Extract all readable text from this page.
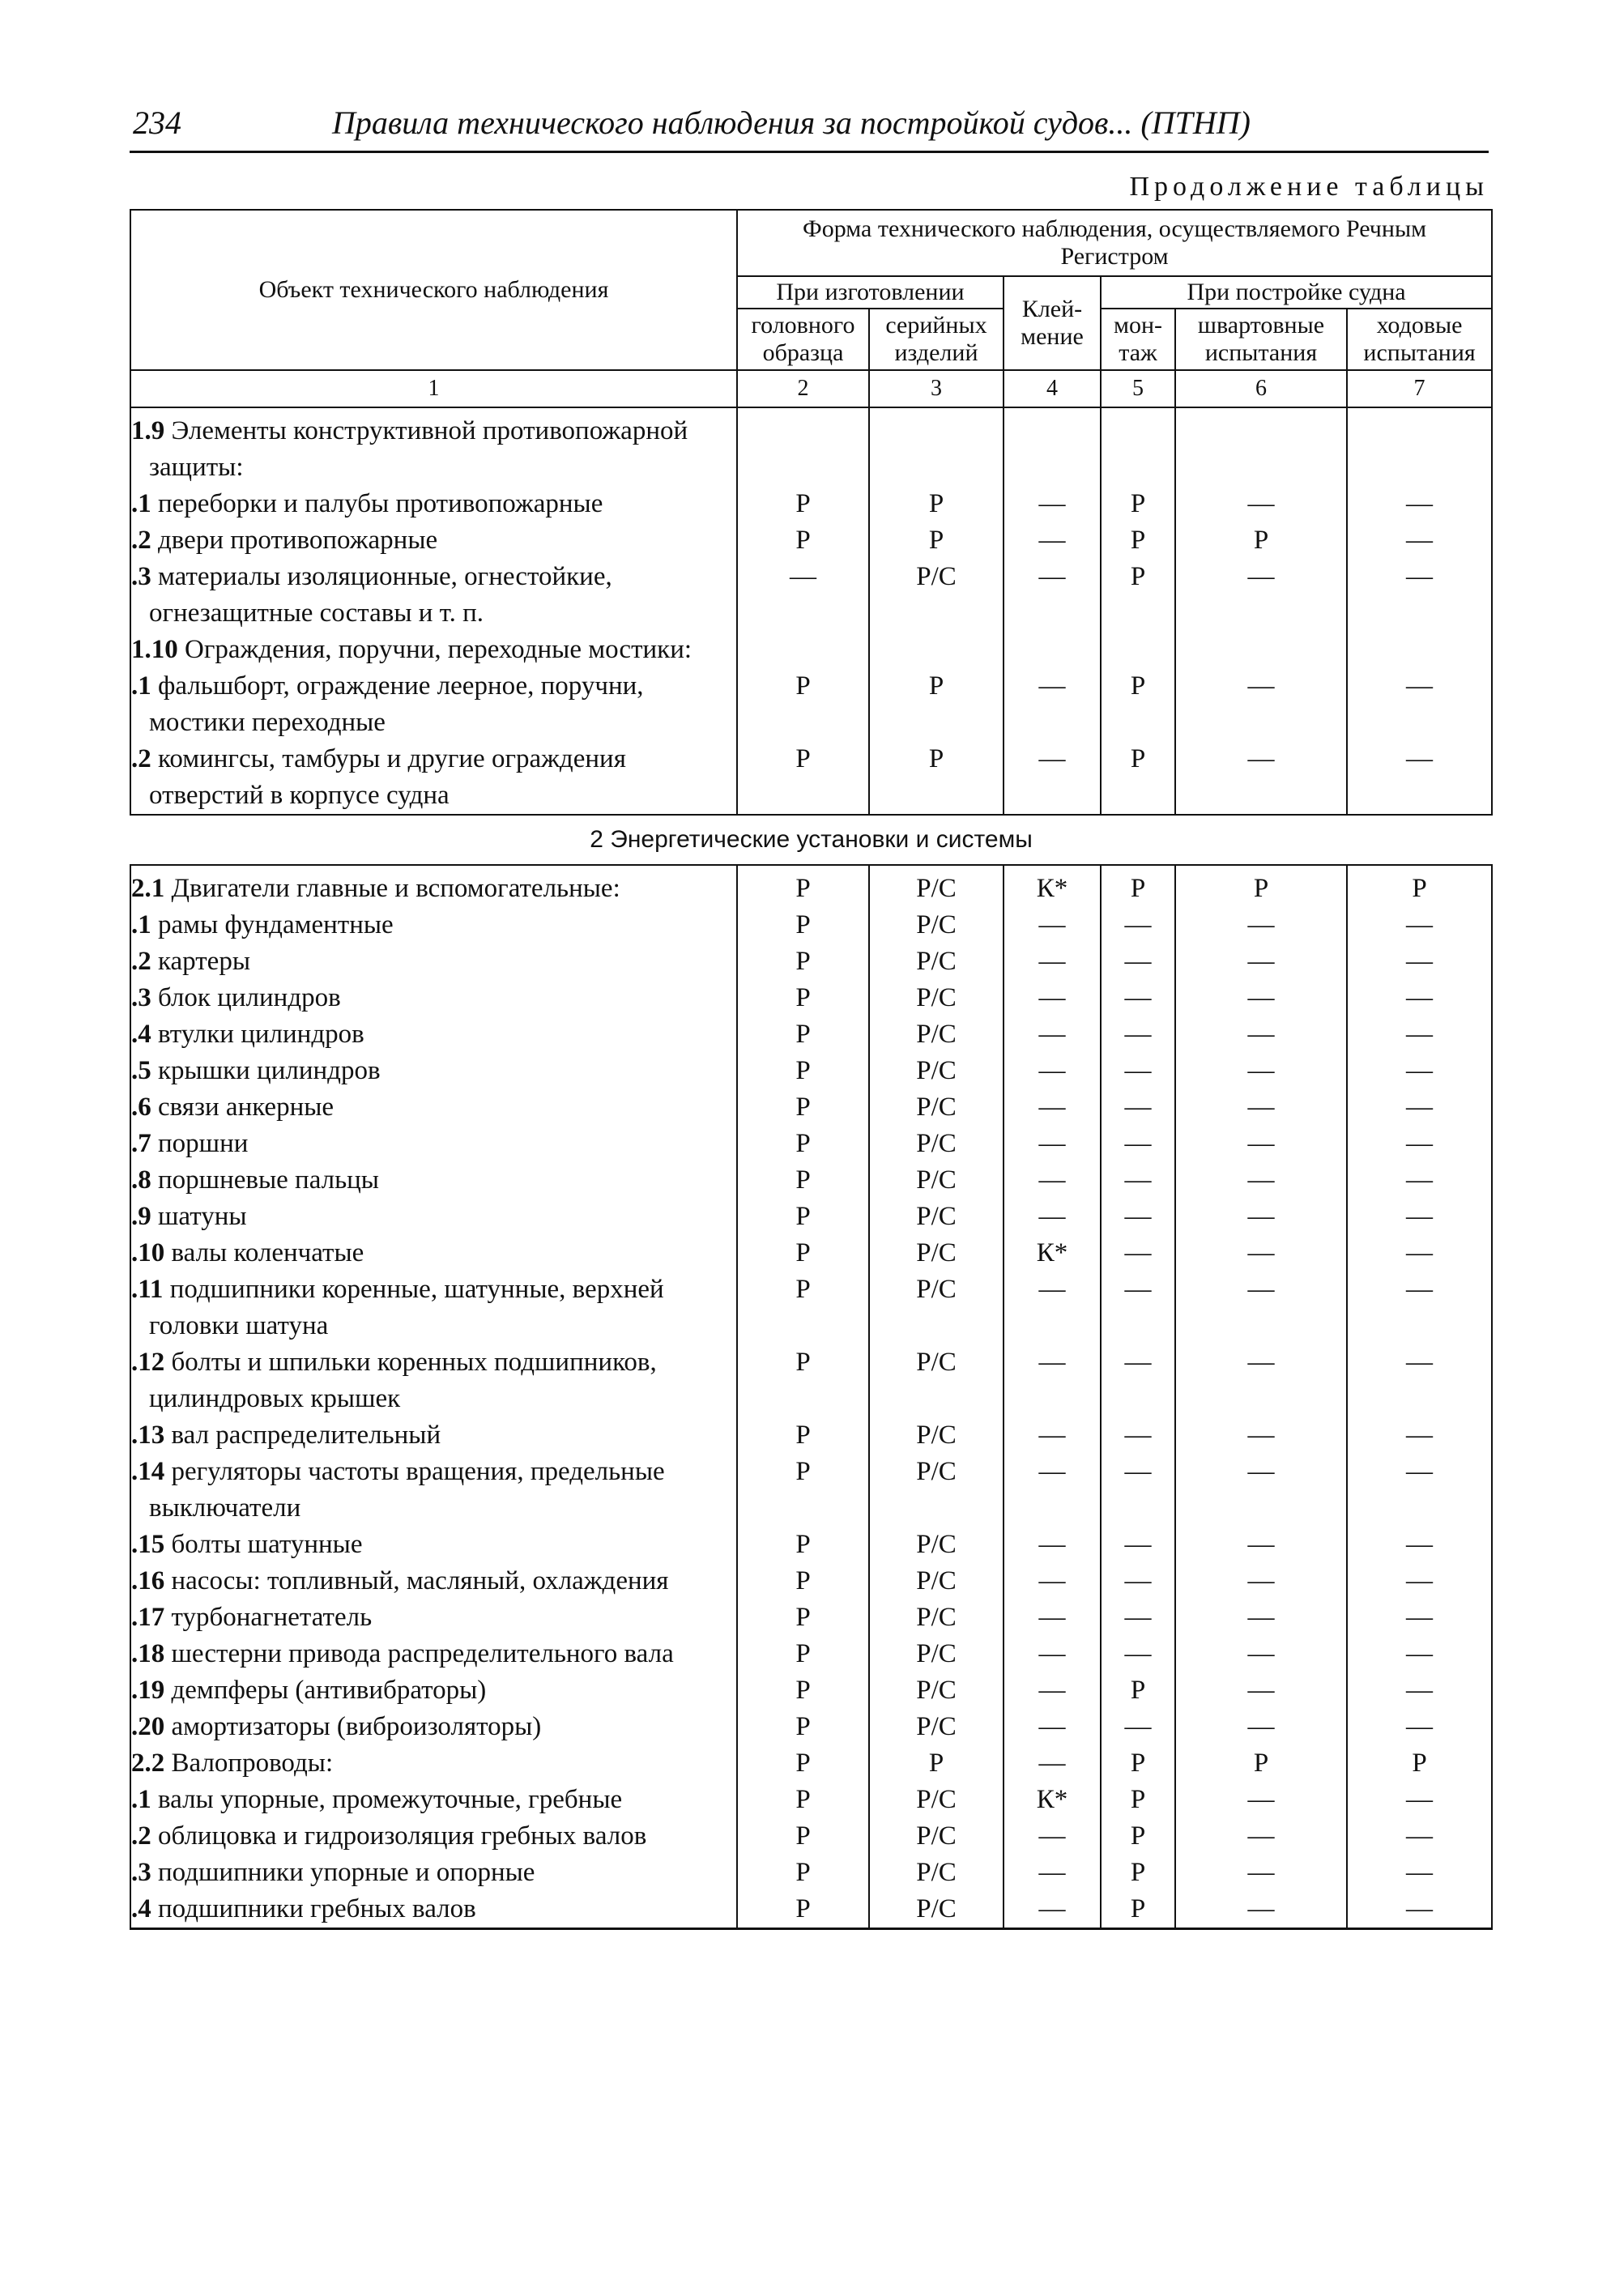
234	Правила технического наблюдения за постройкой судов... (ПТНП)
Продолжение таблицы
Объект технического наблюдения	Форма технического наблюдения, осуществляемого Речным Регистром					
	При изготовлении		Клей-мение	При постройке судна		
	головного образца	серийных изделий		мон-таж	швартовные испытания	ходовые испытания
1	2	3	4	5	6	7
1.9 Элементы конструктивной противопожарной защиты:						
.1 переборки и палубы противопожарные	Р	Р	—	Р	—	—
.2 двери противопожарные	Р	Р	—	Р	Р	—
.3 материалы изоляционные, огнестойкие, огнезащитные составы и т. п.	—	Р/С	—	Р	—	—
1.10 Ограждения, поручни, переходные мостики:						
.1 фальшборт, ограждение леерное, поручни, мостики переходные	Р	Р	—	Р	—	—
.2 комингсы, тамбуры и другие ограждения отверстий в корпусе судна	Р	Р	—	Р	—	—
2 Энергетические установки и системы						
2.1 Двигатели главные и вспомогательные:	Р	Р/С	К*	Р	Р	Р
.1 рамы фундаментные	Р	Р/С	—	—	—	—
.2 картеры	Р	Р/С	—	—	—	—
.3 блок цилиндров	Р	Р/С	—	—	—	—
.4 втулки цилиндров	Р	Р/С	—	—	—	—
.5 крышки цилиндров	Р	Р/С	—	—	—	—
.6 связи анкерные	Р	Р/С	—	—	—	—
.7 поршни	Р	Р/С	—	—	—	—
.8 поршневые пальцы	Р	Р/С	—	—	—	—
.9 шатуны	Р	Р/С	—	—	—	—
.10 валы коленчатые	Р	Р/С	К*	—	—	—
.11 подшипники коренные, шатунные, верхней головки шатуна	Р	Р/С	—	—	—	—
.12 болты и шпильки коренных подшипников, цилиндровых крышек	Р	Р/С	—	—	—	—
.13 вал распределительный	Р	Р/С	—	—	—	—
.14 регуляторы частоты вращения, предельные выключатели	Р	Р/С	—	—	—	—
.15 болты шатунные	Р	Р/С	—	—	—	—
.16 насосы: топливный, масляный, охлаждения	Р	Р/С	—	—	—	—
.17 турбонагнетатель	Р	Р/С	—	—	—	—
.18 шестерни привода распределительного вала	Р	Р/С	—	—	—	—
.19 демпферы (антивибраторы)	Р	Р/С	—	Р	—	—
.20 амортизаторы (виброизоляторы)	Р	Р/С	—	—	—	—
2.2 Валопроводы:	Р	Р	—	Р	Р	Р
.1 валы упорные, промежуточные, гребные	Р	Р/С	К*	Р	—	—
.2 облицовка и гидроизоляция гребных валов	Р	Р/С	—	Р	—	—
.3 подшипники упорные и опорные	Р	Р/С	—	Р	—	—
.4 подшипники гребных валов	Р	Р/С	—	Р	—	—
